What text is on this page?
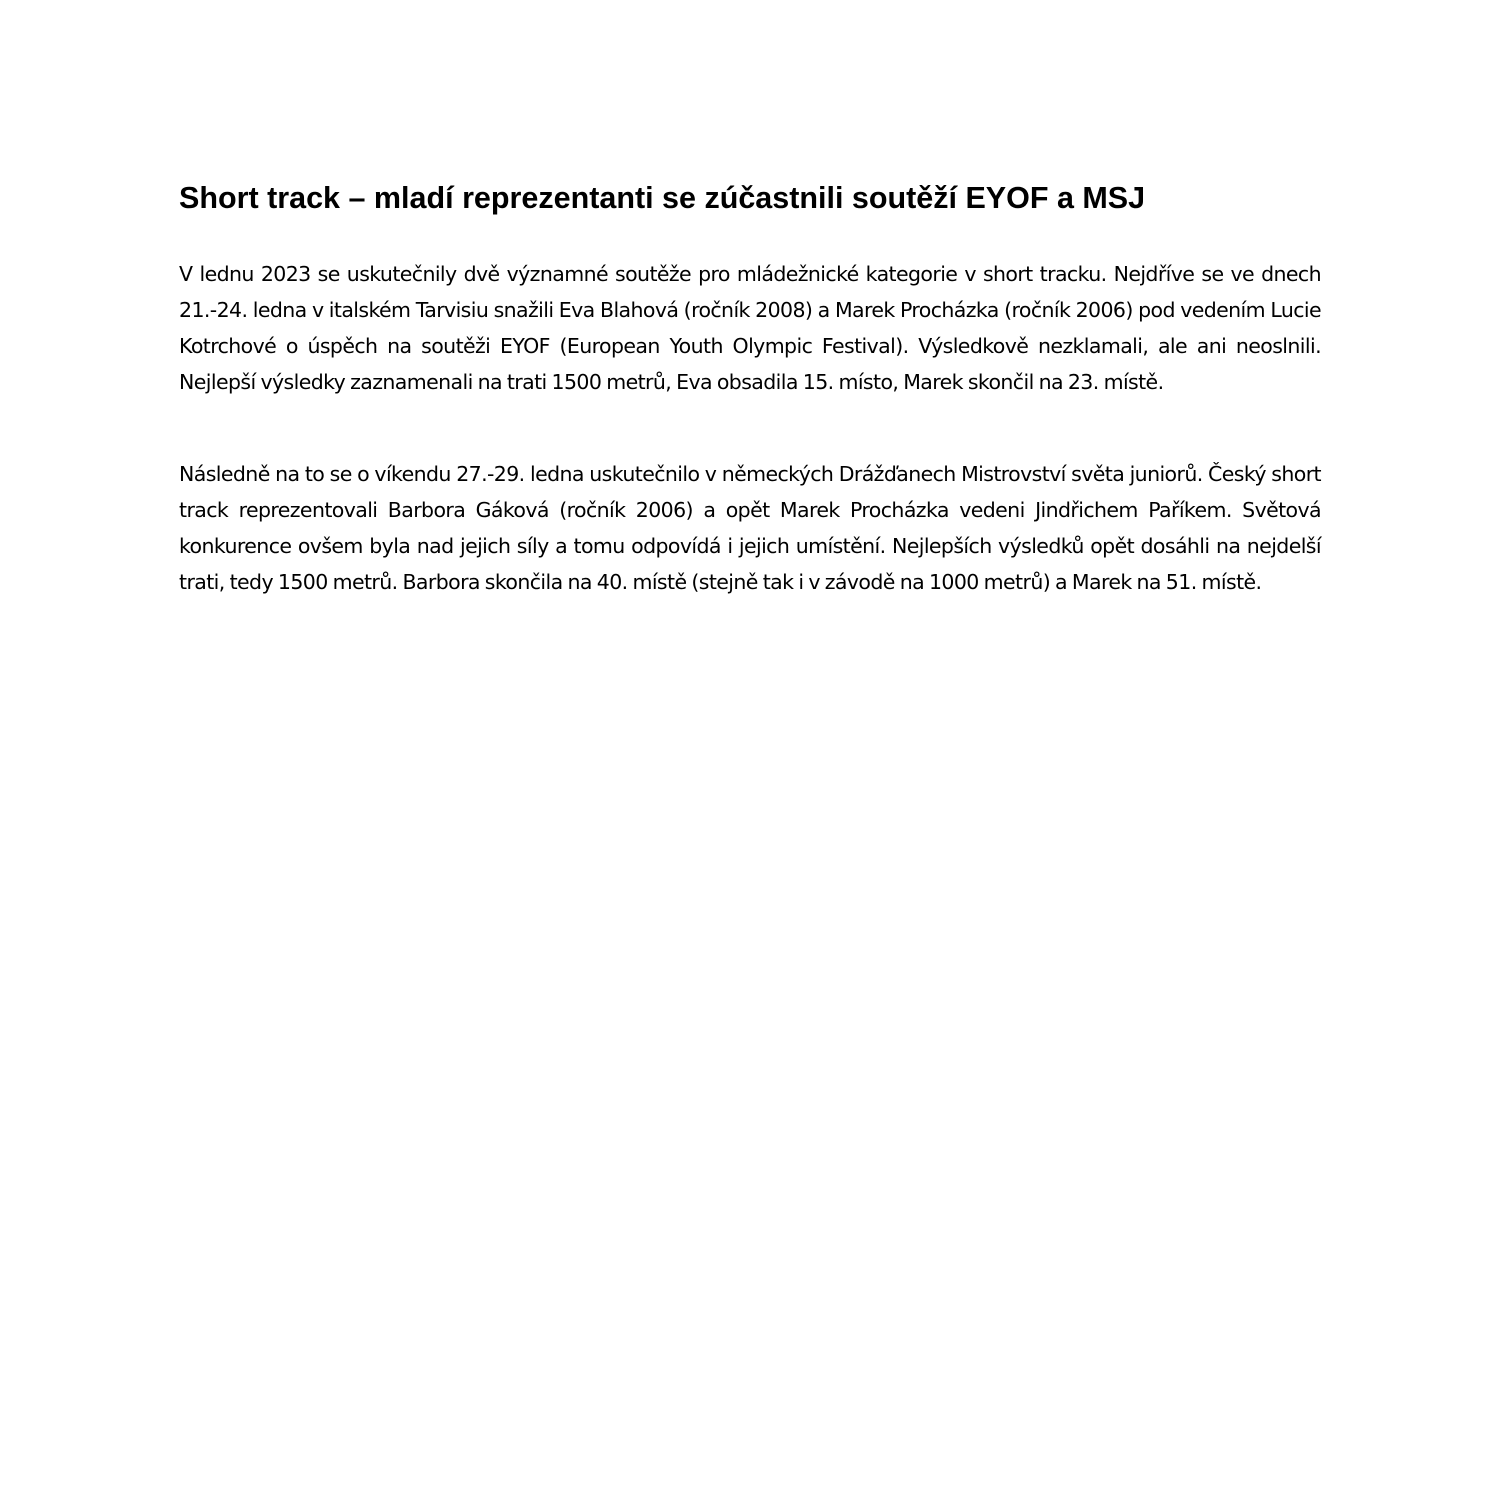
Short track – mladí reprezentanti se zúčastnili soutěží EYOF a MSJ

V lednu 2023 se uskutečnily dvě významné soutěže pro mládežnické kategorie v short tracku. Nejdříve se ve dnech 21.-24. ledna v italském Tarvisiu snažili Eva Blahová (ročník 2008) a Marek Procházka (ročník 2006) pod vedením Lucie Kotrchové o úspěch na soutěži EYOF (European Youth Olympic Festival). Výsledkově nezklamali, ale ani neoslnili. Nejlepší výsledky zaznamenali na trati 1500 metrů, Eva obsadila 15. místo, Marek skončil na 23. místě.

Následně na to se o víkendu 27.-29. ledna uskutečnilo v německých Drážďanech Mistrovství světa juniorů. Český short track reprezentovali Barbora Gáková (ročník 2006) a opět Marek Procházka vedeni Jindřichem Paříkem. Světová konkurence ovšem byla nad jejich síly a tomu odpovídá i jejich umístění. Nejlepších výsledků opět dosáhli na nejdelší trati, tedy 1500 metrů. Barbora skončila na 40. místě (stejně tak i v závodě na 1000 metrů) a Marek na 51. místě.
